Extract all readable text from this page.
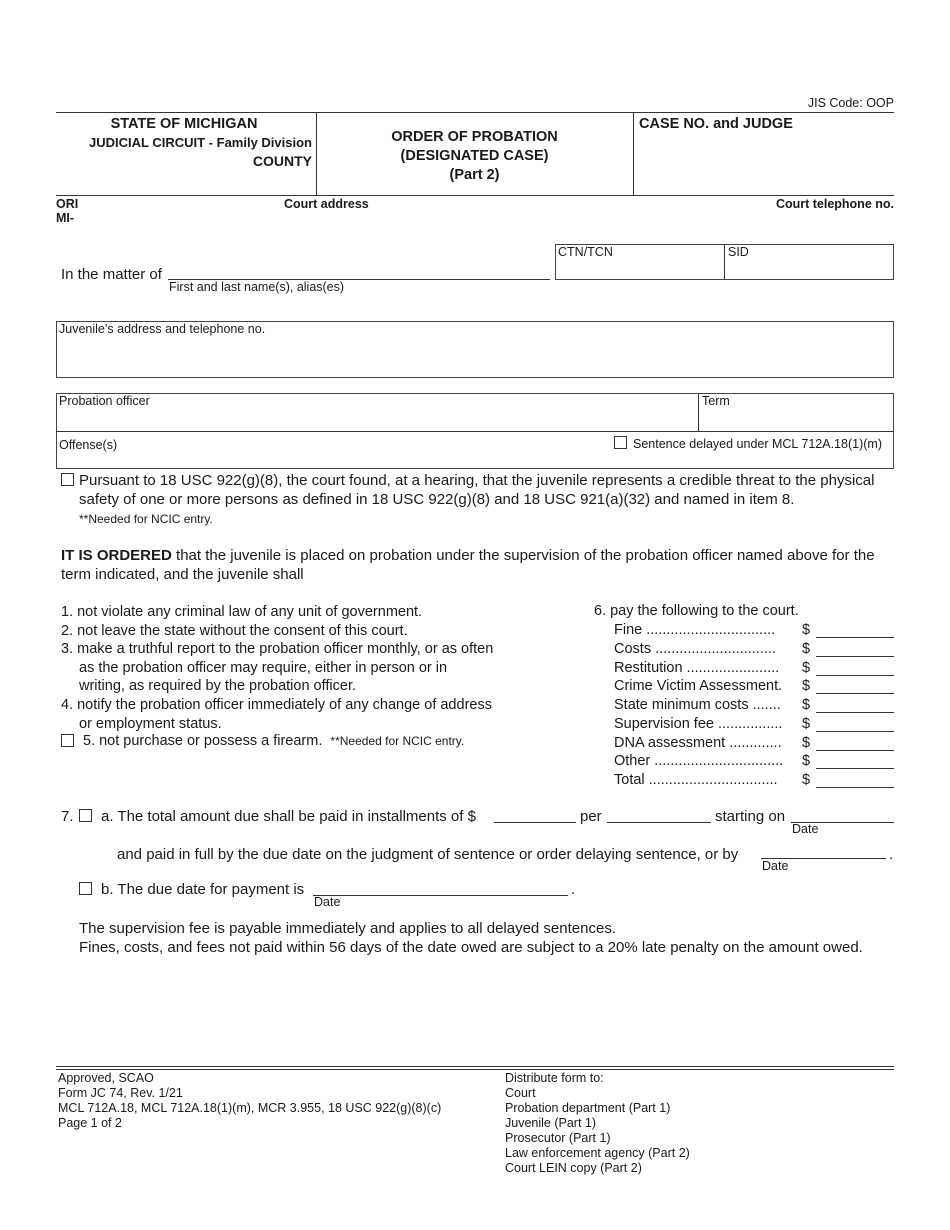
JIS Code: OOP
STATE OF MICHIGAN
JUDICIAL CIRCUIT - Family Division
COUNTY
ORDER OF PROBATION
(DESIGNATED CASE)
(Part 2)
CASE NO. and JUDGE
ORI
MI-
Court address	Court telephone no.
In the matter of
First and last name(s), alias(es)
CTN/TCN	SID
Juvenile’s address and telephone no.
Probation officer	Term
Offense(s)	Sentence delayed under MCL 712A.18(1)(m)
Pursuant to 18 USC 922(g)(8), the court found, at a hearing, that the juvenile represents a credible threat to the physical
safety of one or more persons as defined in 18 USC 922(g)(8) and 18 USC 921(a)(32) and named in item 8.
**Needed for NCIC entry.
IT IS ORDERED that the juvenile is placed on probation under the supervision of the probation officer named above for the
term indicated, and the juvenile shall
1. not violate any criminal law of any unit of government.
2. not leave the state without the consent of this court.
3. make a truthful report to the probation officer monthly, or as often
as the probation officer may require, either in person or in
writing, as required by the probation officer.
4. notify the probation officer immediately of any change of address
or employment status.
5. not purchase or possess a firearm. **Needed for NCIC entry.
6. pay the following to the court.
Fine ................................ $
Costs .............................. $
Restitution ....................... $
Crime Victim Assessment. $
State minimum costs ....... $
Supervision fee ................ $
DNA assessment ............. $
Other ................................ $
Total ................................ $
7. a. The total amount due shall be paid in installments of $	per	starting on
Date
and paid in full by the due date on the judgment of sentence or order delaying sentence, or by
Date
.
b. The due date for payment is
Date
.
The supervision fee is payable immediately and applies to all delayed sentences.
Fines, costs, and fees not paid within 56 days of the date owed are subject to a 20% late penalty on the amount owed.
Approved, SCAO
Form JC 74, Rev. 1/21
MCL 712A.18, MCL 712A.18(1)(m), MCR 3.955, 18 USC 922(g)(8)(c)
Page 1 of 2
Distribute form to:
Court
Probation department (Part 1)
Juvenile (Part 1)
Prosecutor (Part 1)
Law enforcement agency (Part 2)
Court LEIN copy (Part 2)
